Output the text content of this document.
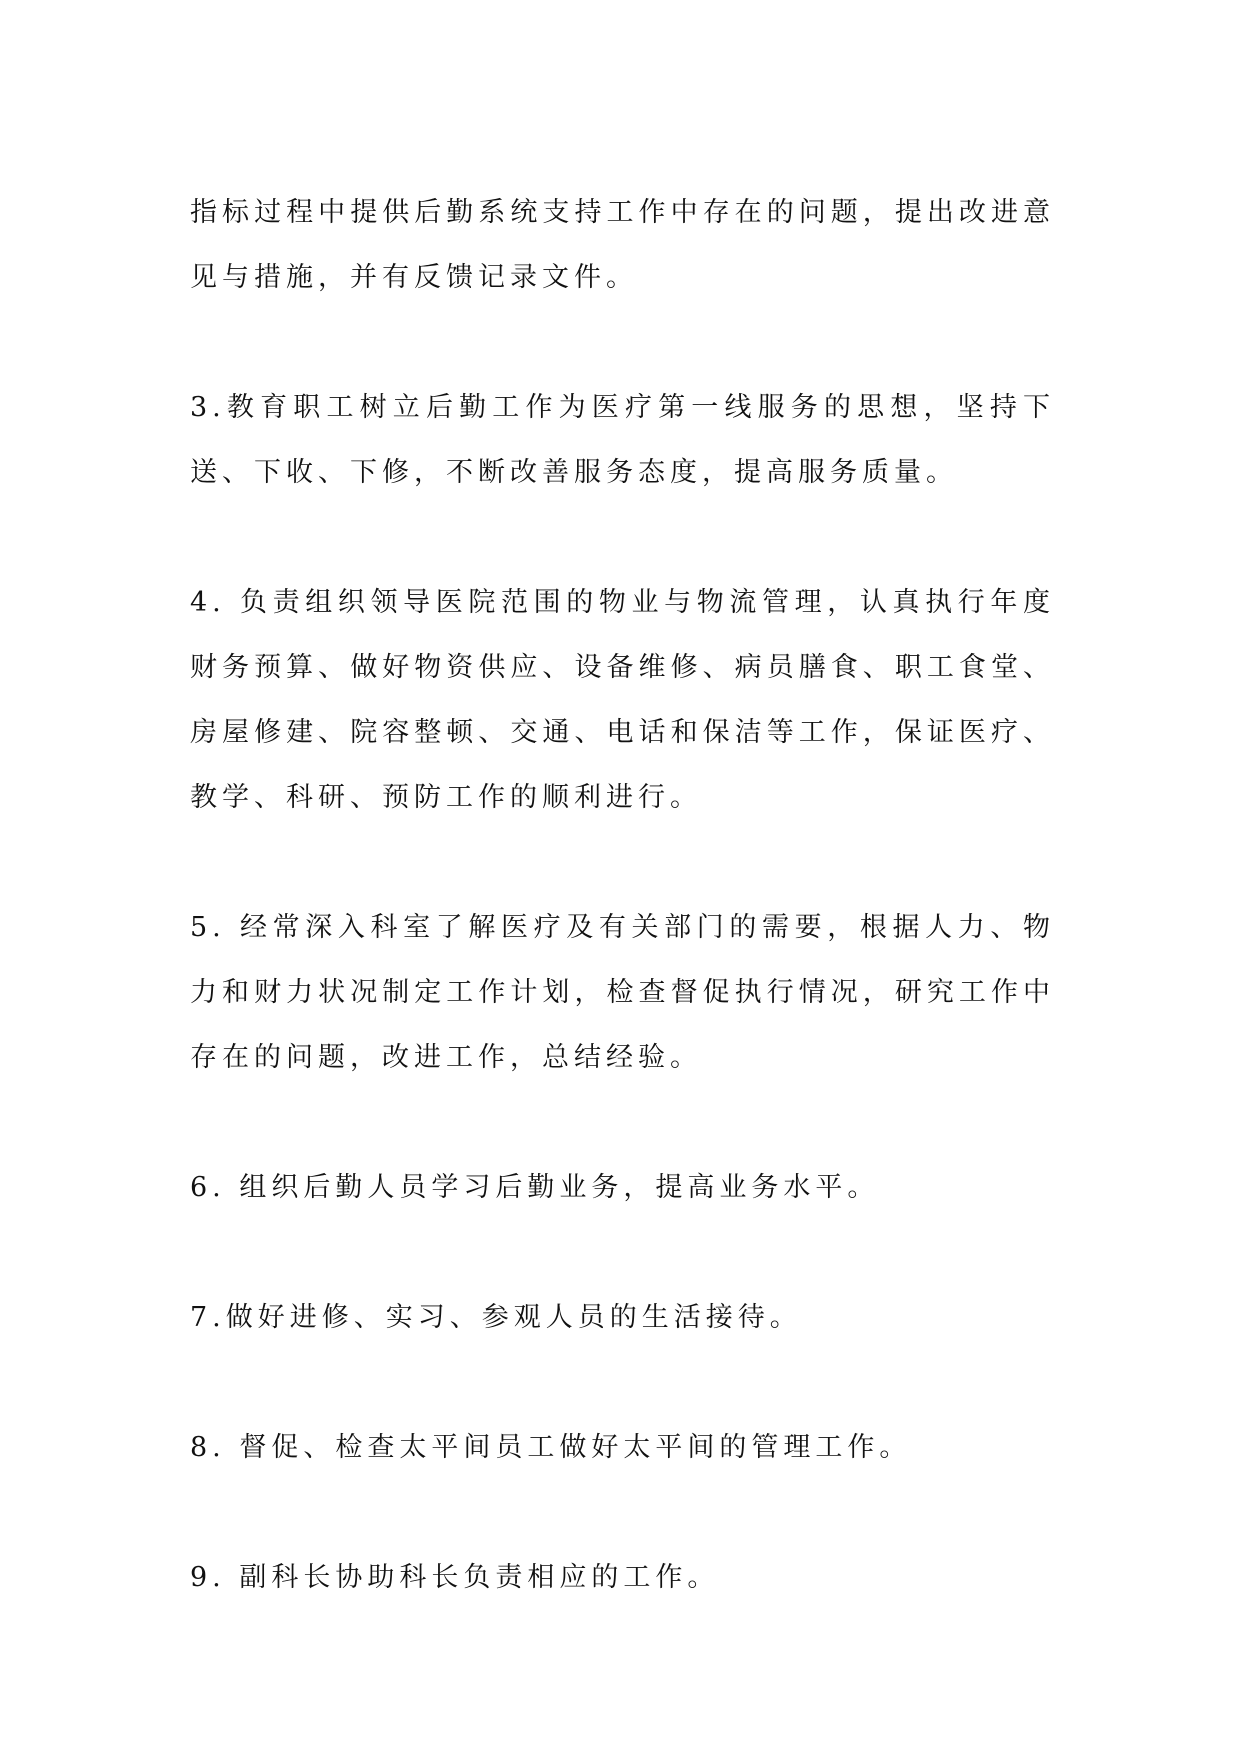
指标过程中提供后勤系统支持工作中存在的问题，提出改进意见与措施，并有反馈记录文件。

3.教育职工树立后勤工作为医疗第一线服务的思想，坚持下送、下收、下修，不断改善服务态度，提高服务质量。

4. 负责组织领导医院范围的物业与物流管理，认真执行年度财务预算、做好物资供应、设备维修、病员膳食、职工食堂、房屋修建、院容整顿、交通、电话和保洁等工作，保证医疗、教学、科研、预防工作的顺利进行。

5. 经常深入科室了解医疗及有关部门的需要，根据人力、物力和财力状况制定工作计划，检查督促执行情况，研究工作中存在的问题，改进工作，总结经验。

6. 组织后勤人员学习后勤业务，提高业务水平。

7.做好进修、实习、参观人员的生活接待。

8. 督促、检查太平间员工做好太平间的管理工作。

9. 副科长协助科长负责相应的工作。
